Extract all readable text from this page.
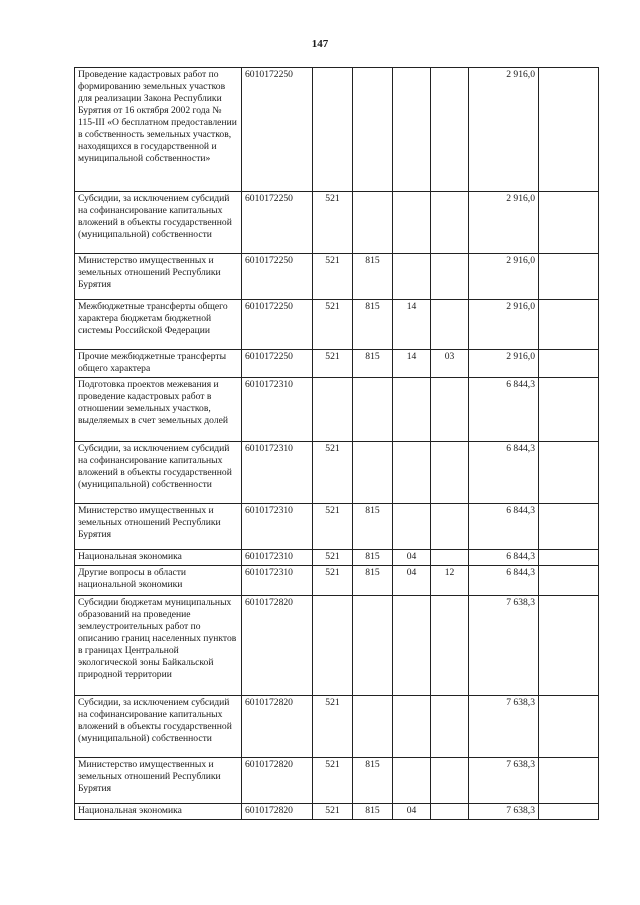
147
Проведение кадастровых работ по формированию земельных участков для реализации Закона Республики Бурятия от 16 октября 2002 года № 115-III «О бесплатном предоставлении в собственность земельных участков, находящихся в государственной и муниципальной собственности»	6010172250					2 916,0	
Субсидии, за исключением субсидий на софинансирование капитальных вложений в объекты государственной (муниципальной) собственности	6010172250	521				2 916,0	
Министерство имущественных и земельных отношений Республики Бурятия	6010172250	521	815			2 916,0	
Межбюджетные трансферты общего характера бюджетам бюджетной системы Российской Федерации	6010172250	521	815	14		2 916,0	
Прочие межбюджетные трансферты общего характера	6010172250	521	815	14	03	2 916,0	
Подготовка проектов межевания и проведение кадастровых работ в отношении земельных участков, выделяемых в счет земельных долей	6010172310					6 844,3	
Субсидии, за исключением субсидий на софинансирование капитальных вложений в объекты государственной (муниципальной) собственности	6010172310	521				6 844,3	
Министерство имущественных и земельных отношений Республики Бурятия	6010172310	521	815			6 844,3	
Национальная экономика	6010172310	521	815	04		6 844,3	
Другие вопросы в области национальной экономики	6010172310	521	815	04	12	6 844,3	
Субсидии бюджетам муниципальных образований на проведение землеустроительных работ по описанию границ населенных пунктов в границах Центральной экологической зоны Байкальской природной территории	6010172820					7 638,3	
Субсидии, за исключением субсидий на софинансирование капитальных вложений в объекты государственной (муниципальной) собственности	6010172820	521				7 638,3	
Министерство имущественных и земельных отношений Республики Бурятия	6010172820	521	815			7 638,3	
Национальная экономика	6010172820	521	815	04		7 638,3	
